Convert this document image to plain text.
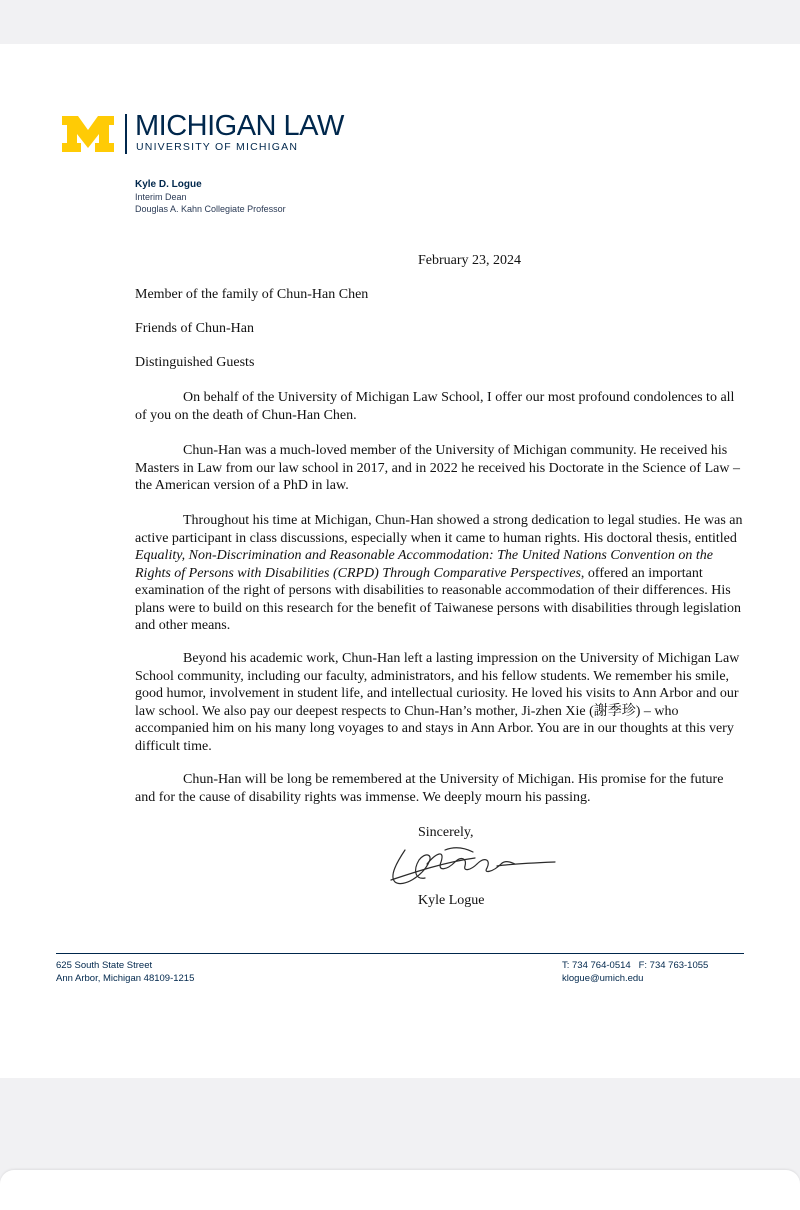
MICHIGAN LAW
UNIVERSITY OF MICHIGAN
Kyle D. Logue
Interim Dean
Douglas A. Kahn Collegiate Professor
February 23, 2024
Member of the family of Chun-Han Chen
Friends of Chun-Han
Distinguished Guests

On behalf of the University of Michigan Law School, I offer our most profound condolences to all of you on the death of Chun-Han Chen.

Chun-Han was a much-loved member of the University of Michigan community. He received his Masters in Law from our law school in 2017, and in 2022 he received his Doctorate in the Science of Law – the American version of a PhD in law.

Throughout his time at Michigan, Chun-Han showed a strong dedication to legal studies. He was an active participant in class discussions, especially when it came to human rights. His doctoral thesis, entitled Equality, Non-Discrimination and Reasonable Accommodation: The United Nations Convention on the Rights of Persons with Disabilities (CRPD) Through Comparative Perspectives, offered an important examination of the right of persons with disabilities to reasonable accommodation of their differences. His plans were to build on this research for the benefit of Taiwanese persons with disabilities through legislation and other means.

Beyond his academic work, Chun-Han left a lasting impression on the University of Michigan Law School community, including our faculty, administrators, and his fellow students. We remember his smile, good humor, involvement in student life, and intellectual curiosity. He loved his visits to Ann Arbor and our law school. We also pay our deepest respects to Chun-Han’s mother, Ji-zhen Xie (謝季珍) – who accompanied him on his many long voyages to and stays in Ann Arbor. You are in our thoughts at this very difficult time.

Chun-Han will be long be remembered at the University of Michigan. His promise for the future and for the cause of disability rights was immense. We deeply mourn his passing.

Sincerely,
Kyle Logue
625 South State Street
Ann Arbor, Michigan 48109-1215
T: 734 764-0514   F: 734 763-1055
klogue@umich.edu
